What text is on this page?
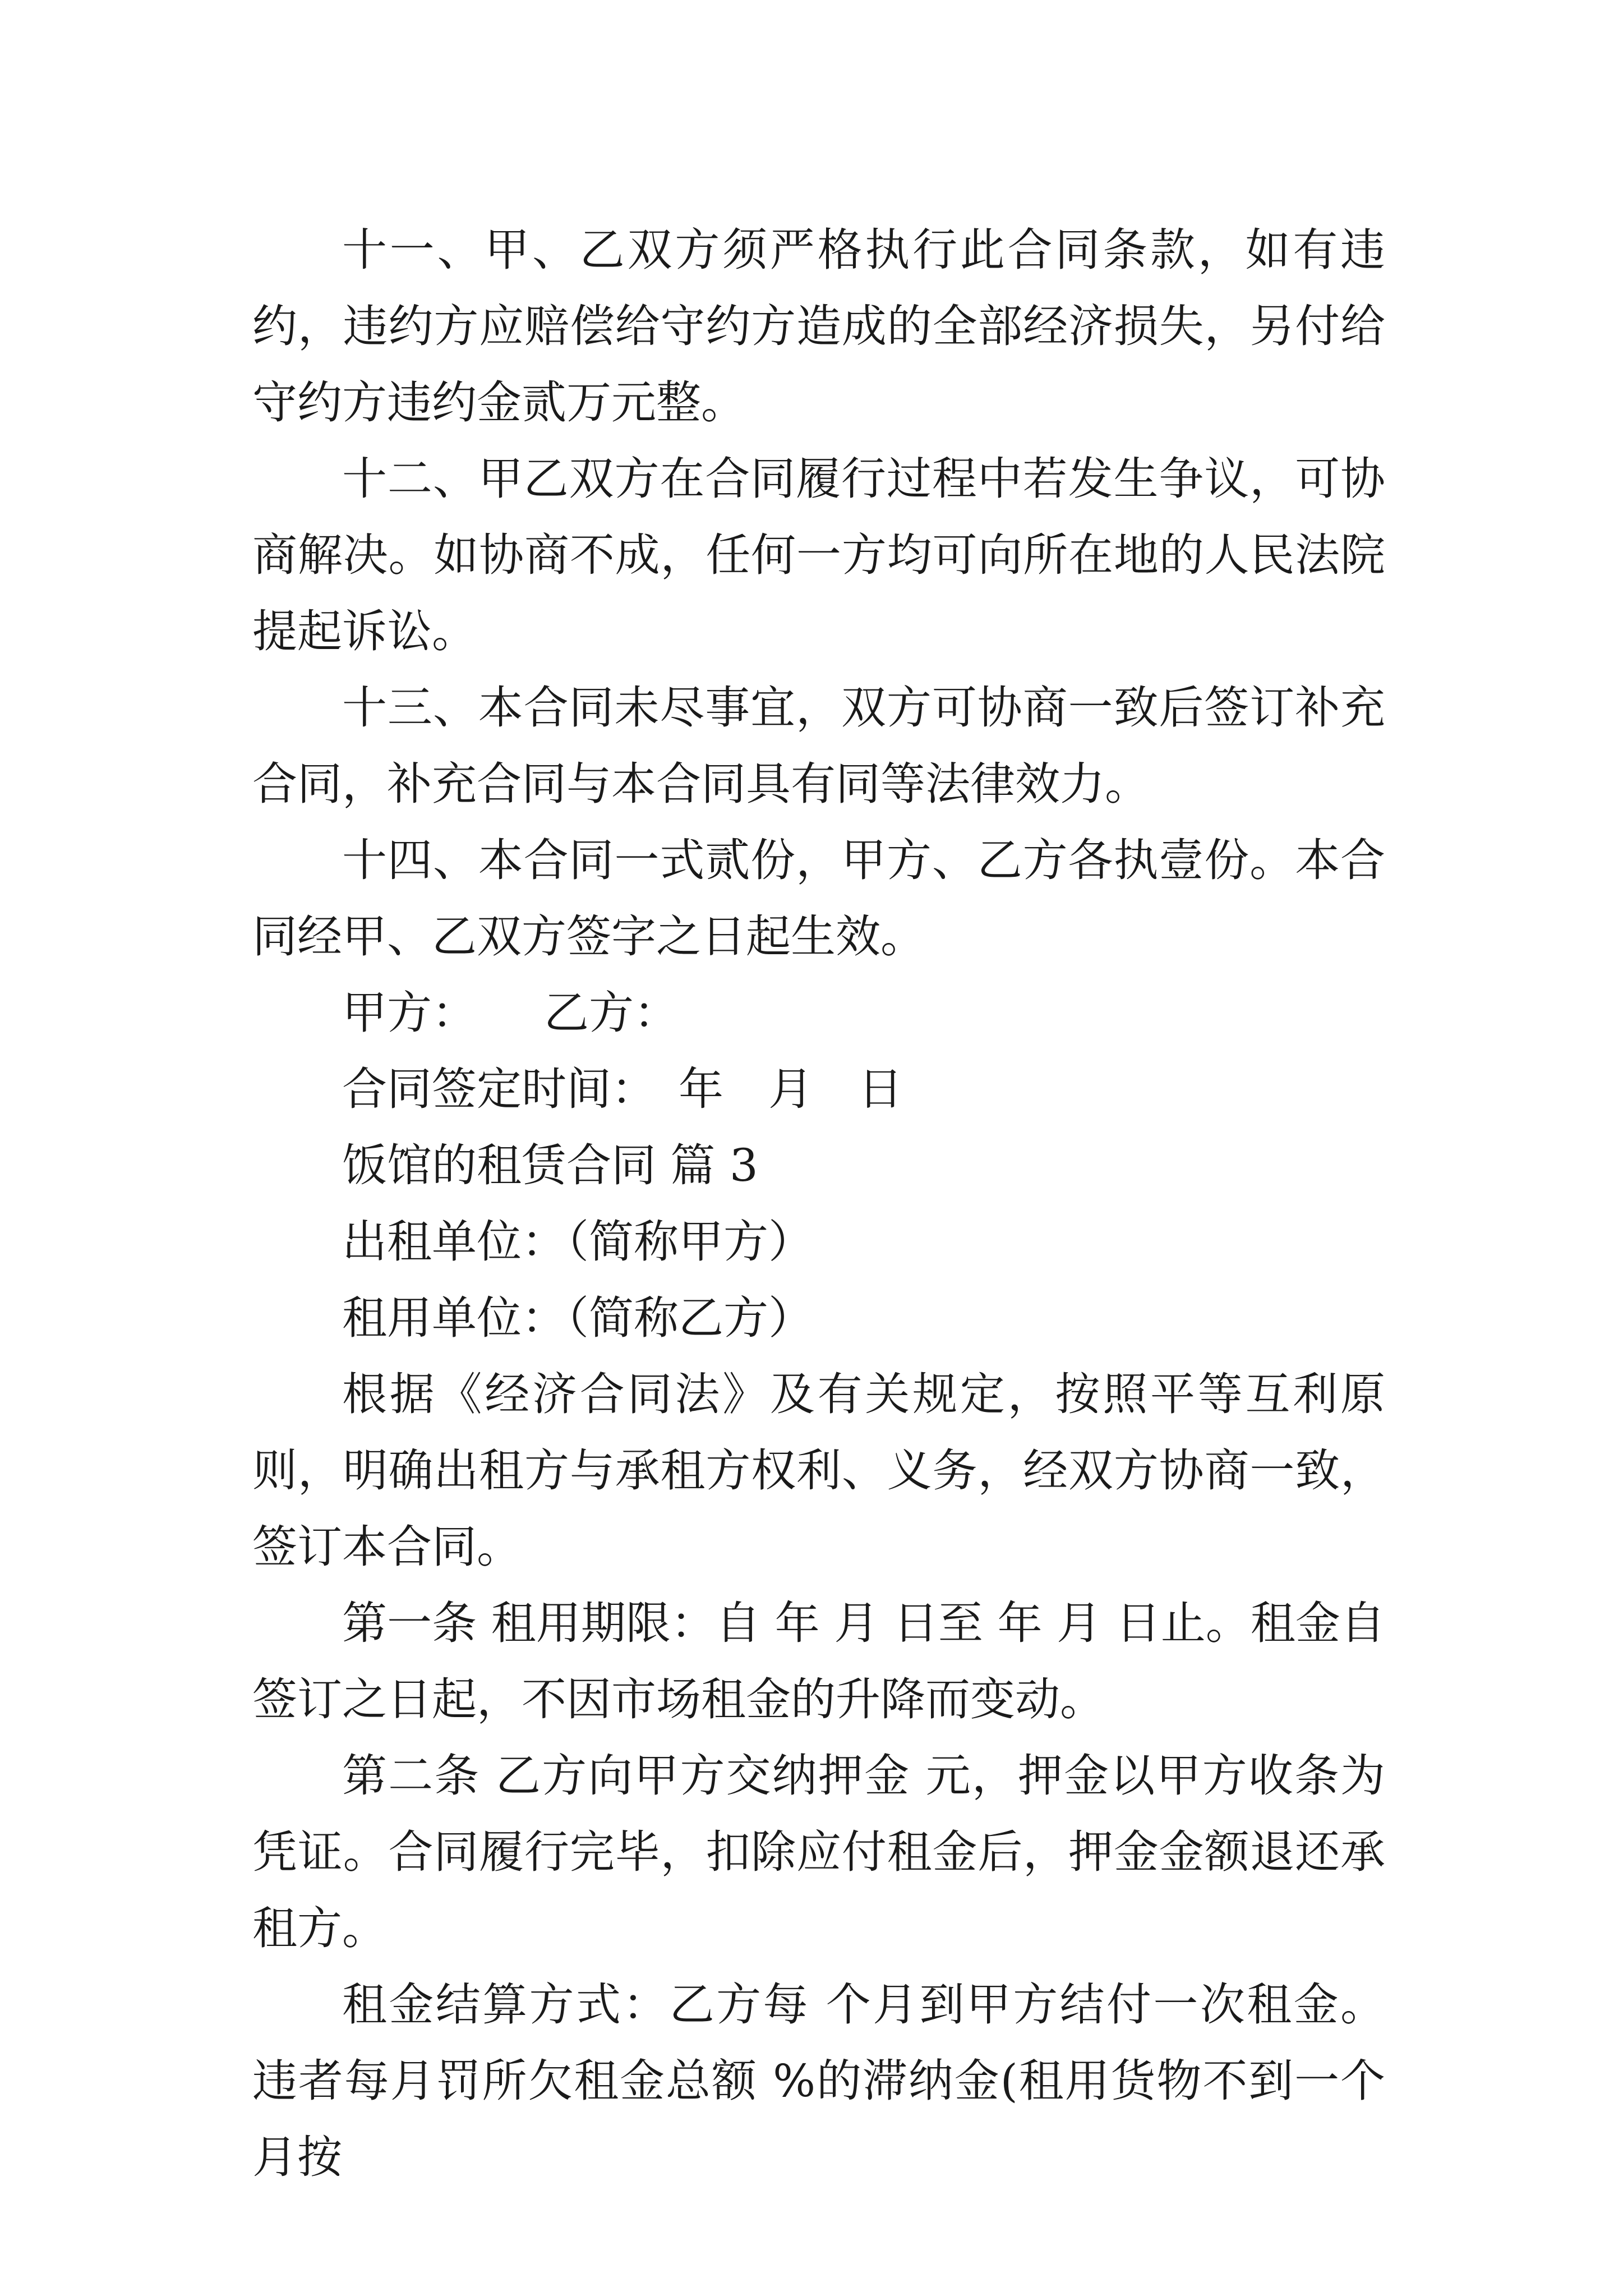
十一、甲、乙双方须严格执行此合同条款，如有违约，违约方应赔偿给守约方造成的全部经济损失，另付给守约方违约金贰万元整。

十二、甲乙双方在合同履行过程中若发生争议，可协商解决。如协商不成，任何一方均可向所在地的人民法院提起诉讼。

十三、本合同未尽事宜，双方可协商一致后签订补充合同，补充合同与本合同具有同等法律效力。

十四、本合同一式贰份，甲方、乙方各执壹份。本合同经甲、乙双方签字之日起生效。

甲方：　　乙方：

合同签定时间：　年　月　日

饭馆的租赁合同 篇 3

出租单位：（简称甲方）

租用单位：（简称乙方）

根据《经济合同法》及有关规定，按照平等互利原则，明确出租方与承租方权利、义务，经双方协商一致，签订本合同。

第一条 租用期限：自 年 月 日至 年 月 日止。租金自签订之日起，不因市场租金的升降而变动。

第二条 乙方向甲方交纳押金 元，押金以甲方收条为凭证。合同履行完毕，扣除应付租金后，押金金额退还承租方。

租金结算方式：乙方每 个月到甲方结付一次租金。违者每月罚所欠租金总额 %的滞纳金(租用货物不到一个月按
